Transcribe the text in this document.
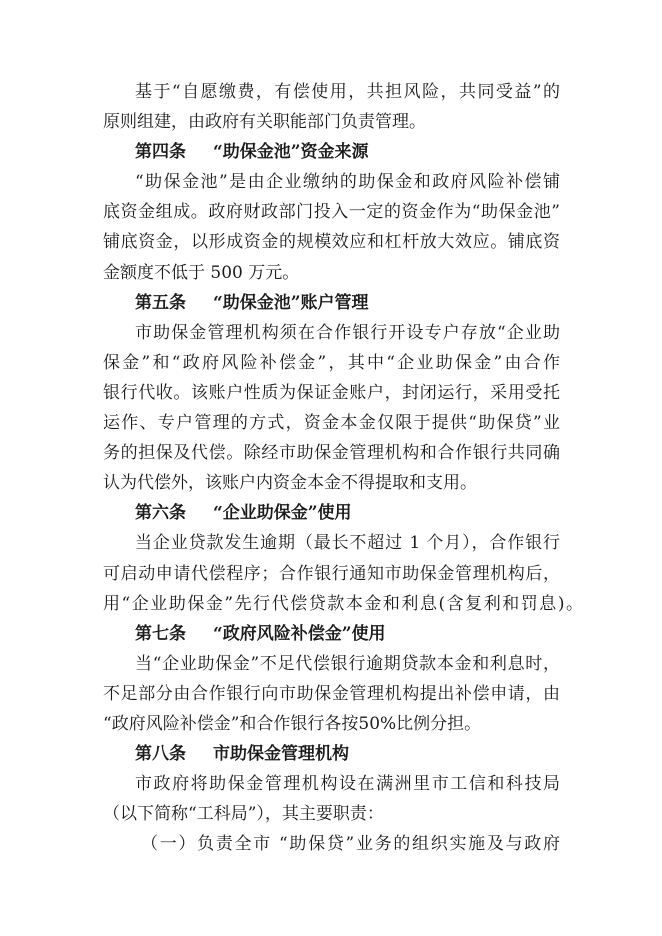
基于“自愿缴费，有偿使用，共担风险，共同受益”的
原则组建，由政府有关职能部门负责管理。
第四条 “助保金池”资金来源
“助保金池”是由企业缴纳的助保金和政府风险补偿铺
底资金组成。政府财政部门投入一定的资金作为“助保金池”
铺底资金，以形成资金的规模效应和杠杆放大效应。铺底资
金额度不低于 500 万元。
第五条 “助保金池”账户管理
市助保金管理机构须在合作银行开设专户存放“企业助
保金”和“政府风险补偿金”，其中“企业助保金”由合作
银行代收。该账户性质为保证金账户，封闭运行，采用受托
运作、专户管理的方式，资金本金仅限于提供“助保贷”业
务的担保及代偿。除经市助保金管理机构和合作银行共同确
认为代偿外，该账户内资金本金不得提取和支用。
第六条 “企业助保金”使用
当企业贷款发生逾期（最长不超过 1 个月），合作银行
可启动申请代偿程序；合作银行通知市助保金管理机构后，
用“企业助保金”先行代偿贷款本金和利息(含复利和罚息)。
第七条 “政府风险补偿金”使用
当“企业助保金”不足代偿银行逾期贷款本金和利息时，
不足部分由合作银行向市助保金管理机构提出补偿申请，由
“政府风险补偿金”和合作银行各按50%比例分担。
第八条 市助保金管理机构
市政府将助保金管理机构设在满洲里市工信和科技局
（以下简称“工科局”），其主要职责：
（一）负责全市 “助保贷”业务的组织实施及与政府
